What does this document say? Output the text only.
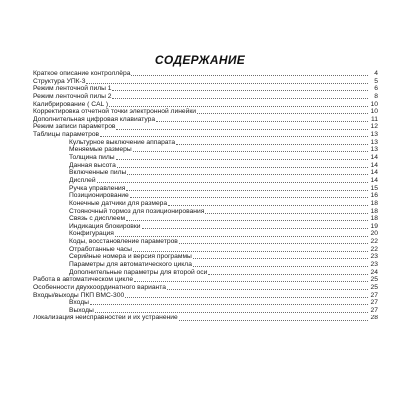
СОДЕРЖАНИЕ
Краткое описание контроллёра	4
Структура УПК-3	5
Режим ленточной пилы 1	6
Режим ленточной пилы 2	8
Калибрирование ( CAL )	10
Корректировка отчетной точки электронной линейки	10
Дополнительная цифровая клавиатура	11
Режим записи параметров	12
Таблицы параметров	13
Культурное выключение аппарата	13
Меняемые размеры	13
Толщина пилы	14
Данная высота	14
Включенные пилы	14
Дисплей	14
Ручка управления	15
Позиционирование	16
Конечные датчики для размера	18
Стояночный тормоз для позиционирования	18
Связь с дисплеем	18
Индикация блокировки	19
Конфигурация	20
Коды, восстановление параметров	22
Отработанные часы	22
Серийные номера и версия программы	23
Параметры для автоматического цикла	23
Дополнительные параметры для второй оси	24
Работа в автоматическом цикле	25
Особенности двухкоординатного варианта	25
Входы/выходы ПКП ВМС-300	27
Входы	27
Выходы	27
Локализация неисправностей и их устранение	28
